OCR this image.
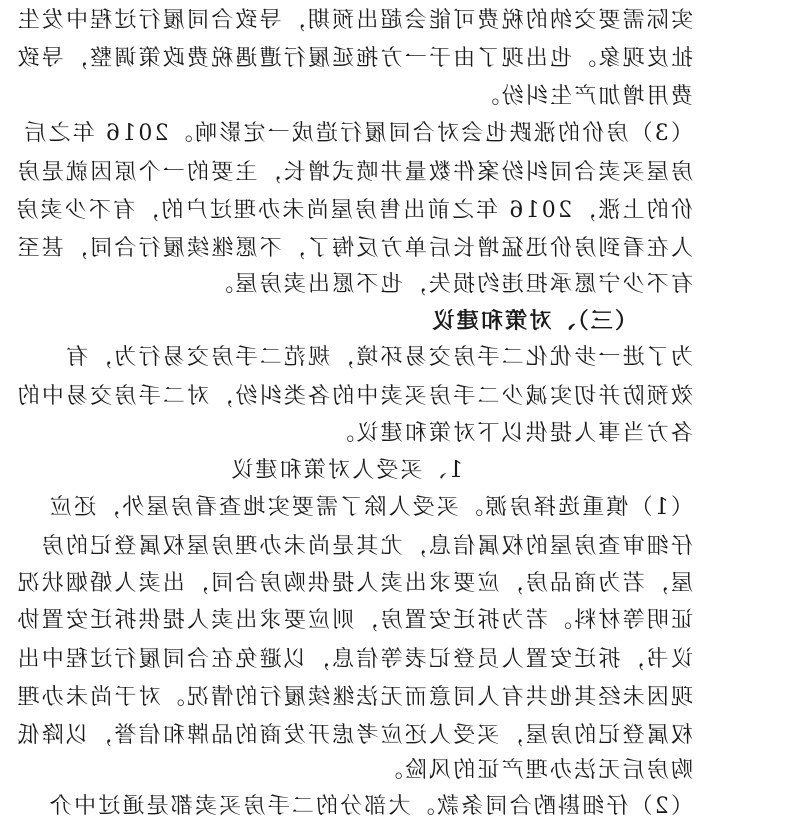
实际需要交纳的税费可能会超出预期，导致合同履行过程中发生
扯皮现象。也出现了由于一方拖延履行遭遇税费政策调整，导致
费用增加产生纠纷。
（3）房价的涨跌也会对合同履行造成一定影响。2016 年之后
房屋买卖合同纠纷案件数量井喷式增长，主要的一个原因就是房
价的上涨，2016 年之前出售房屋尚未办理过户的，有不少卖房
人在看到房价迅猛增长后单方反悔了，不愿继续履行合同，甚至
有不少宁愿承担违约损失，也不愿出卖房屋。
（三）、对策和建议
为了进一步优化二手房交易环境，规范二手房交易行为，有
效预防并切实减少二手房买卖中的各类纠纷，对二手房交易中的
各方当事人提供以下对策和建议。
1、买受人对策和建议
（1）慎重选择房源。买受人除了需要实地查看房屋外，还应
仔细审查房屋的权属信息，尤其是尚未办理房屋权属登记的房
屋，若为商品房，应要求出卖人提供购房合同，出卖人婚姻状况
证明等材料。若为拆迁安置房，则应要求出卖人提供拆迁安置协
议书，拆迁安置人员登记表等信息，以避免在合同履行过程中出
现因未经其他共有人同意而无法继续履行的情况。对于尚未办理
权属登记的房屋，买受人还应考虑开发商的品牌和信誉，以降低
购房后无法办理产证的风险。
（2）仔细斟酌合同条款。大部分的二手房买卖都是通过中介
